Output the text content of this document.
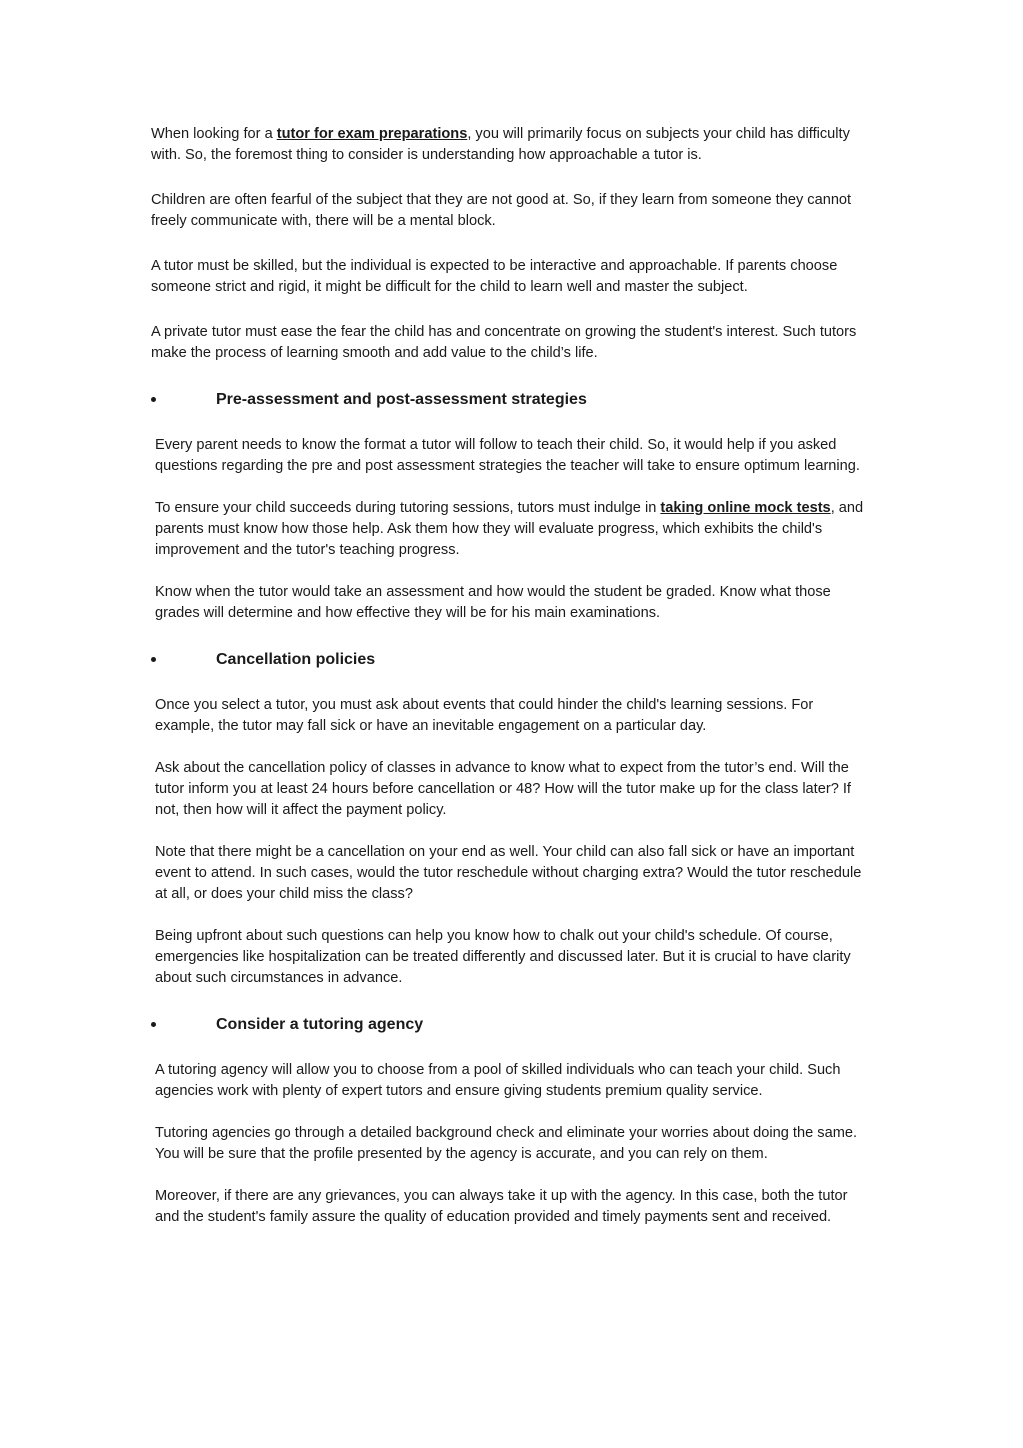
When looking for a tutor for exam preparations, you will primarily focus on subjects your child has difficulty with. So, the foremost thing to consider is understanding how approachable a tutor is.

Children are often fearful of the subject that they are not good at. So, if they learn from someone they cannot freely communicate with, there will be a mental block.

A tutor must be skilled, but the individual is expected to be interactive and approachable. If parents choose someone strict and rigid, it might be difficult for the child to learn well and master the subject.

A private tutor must ease the fear the child has and concentrate on growing the student's interest. Such tutors make the process of learning smooth and add value to the child’s life.

Pre-assessment and post-assessment strategies

Every parent needs to know the format a tutor will follow to teach their child. So, it would help if you asked questions regarding the pre and post assessment strategies the teacher will take to ensure optimum learning.

To ensure your child succeeds during tutoring sessions, tutors must indulge in taking online mock tests, and parents must know how those help. Ask them how they will evaluate progress, which exhibits the child's improvement and the tutor's teaching progress.

Know when the tutor would take an assessment and how would the student be graded. Know what those grades will determine and how effective they will be for his main examinations.

Cancellation policies

Once you select a tutor, you must ask about events that could hinder the child's learning sessions. For example, the tutor may fall sick or have an inevitable engagement on a particular day.

Ask about the cancellation policy of classes in advance to know what to expect from the tutor’s end. Will the tutor inform you at least 24 hours before cancellation or 48? How will the tutor make up for the class later? If not, then how will it affect the payment policy.

Note that there might be a cancellation on your end as well. Your child can also fall sick or have an important event to attend. In such cases, would the tutor reschedule without charging extra? Would the tutor reschedule at all, or does your child miss the class?

Being upfront about such questions can help you know how to chalk out your child's schedule. Of course, emergencies like hospitalization can be treated differently and discussed later. But it is crucial to have clarity about such circumstances in advance.

Consider a tutoring agency

A tutoring agency will allow you to choose from a pool of skilled individuals who can teach your child. Such agencies work with plenty of expert tutors and ensure giving students premium quality service.

Tutoring agencies go through a detailed background check and eliminate your worries about doing the same. You will be sure that the profile presented by the agency is accurate, and you can rely on them.

Moreover, if there are any grievances, you can always take it up with the agency. In this case, both the tutor and the student's family assure the quality of education provided and timely payments sent and received.
